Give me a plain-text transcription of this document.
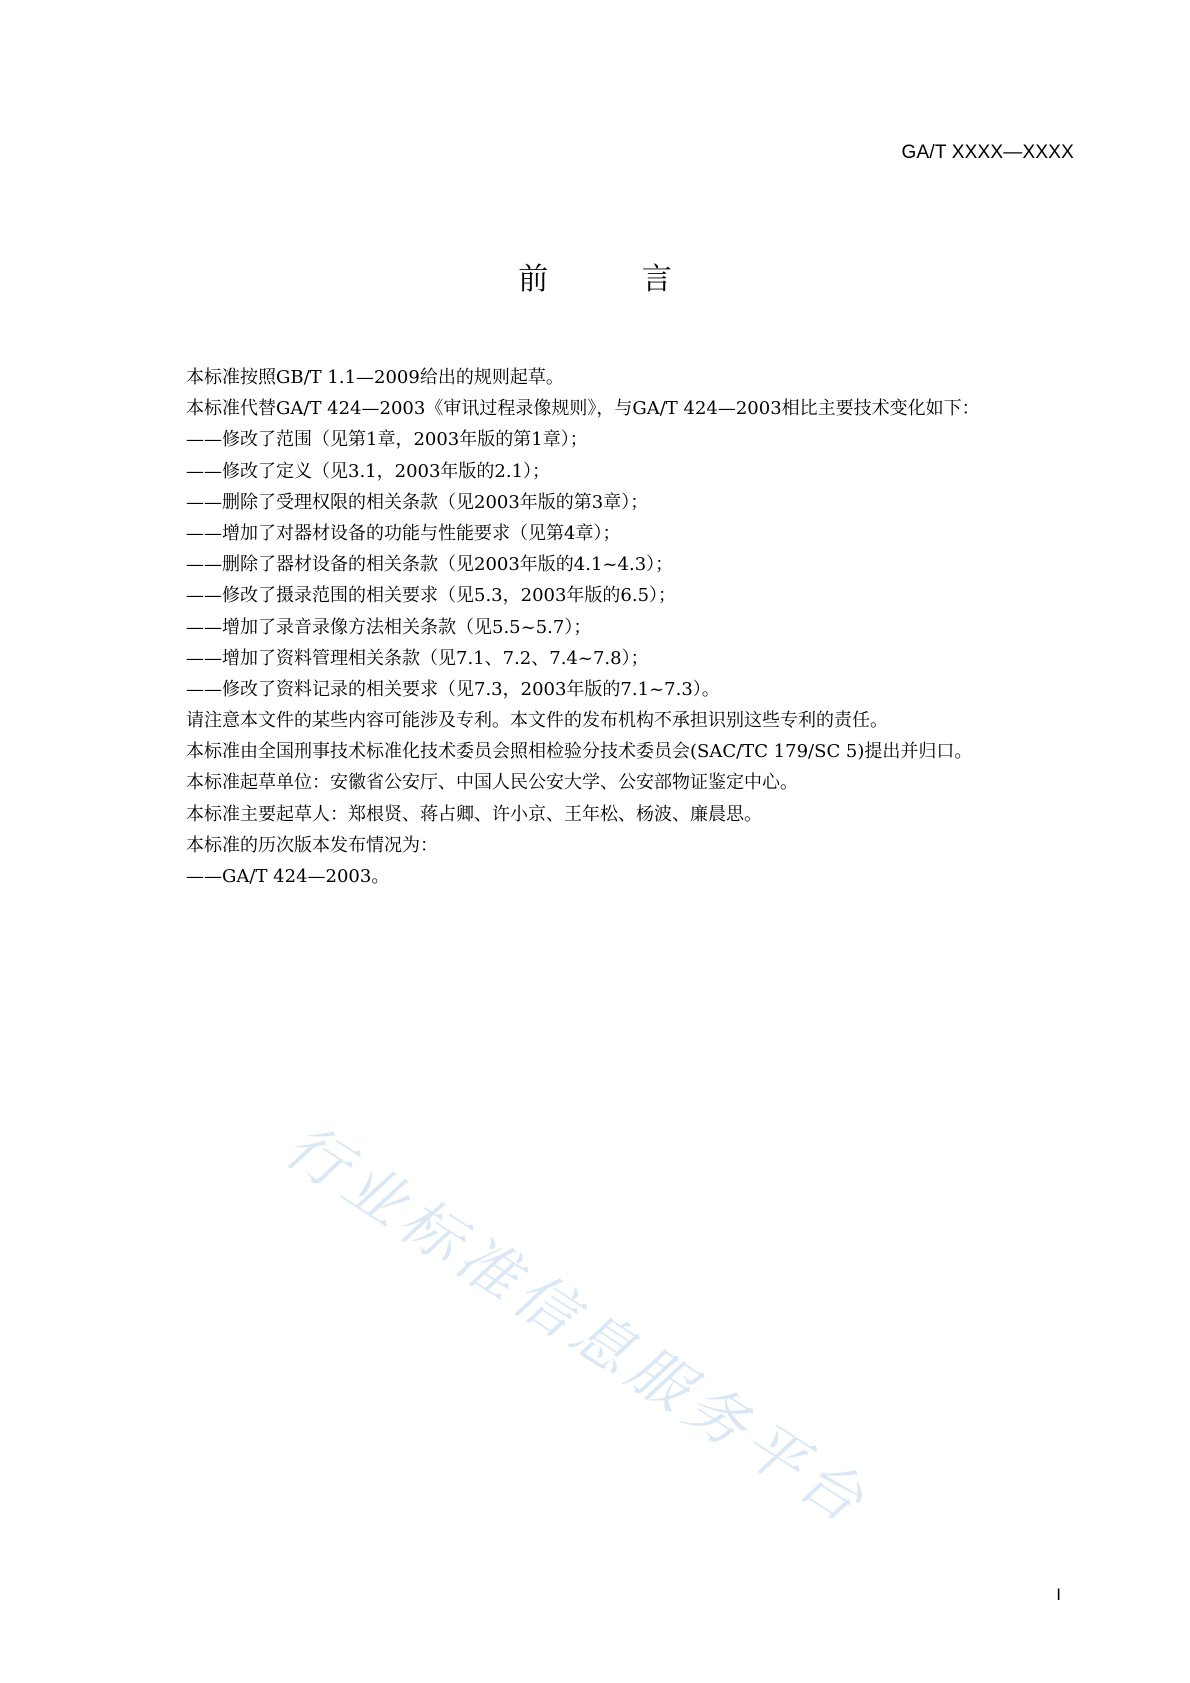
GA/T XXXX—XXXX
前 言
本标准按照GB/T 1.1—2009给出的规则起草。
本标准代替GA/T 424—2003《审讯过程录像规则》，与GA/T 424—2003相比主要技术变化如下：
——修改了范围（见第1章，2003年版的第1章）；
——修改了定义（见3.1，2003年版的2.1）；
——删除了受理权限的相关条款（见2003年版的第3章）；
——增加了对器材设备的功能与性能要求（见第4章）；
——删除了器材设备的相关条款（见2003年版的4.1~4.3）；
——修改了摄录范围的相关要求（见5.3，2003年版的6.5）；
——增加了录音录像方法相关条款（见5.5~5.7）；
——增加了资料管理相关条款（见7.1、7.2、7.4~7.8）；
——修改了资料记录的相关要求（见7.3，2003年版的7.1~7.3）。
请注意本文件的某些内容可能涉及专利。本文件的发布机构不承担识别这些专利的责任。
本标准由全国刑事技术标准化技术委员会照相检验分技术委员会(SAC/TC 179/SC 5)提出并归口。
本标准起草单位：安徽省公安厅、中国人民公安大学、公安部物证鉴定中心。
本标准主要起草人：郑根贤、蒋占卿、许小京、王年松、杨波、廉晨思。
本标准的历次版本发布情况为：
——GA/T 424—2003。
行业标准信息服务平台
I
